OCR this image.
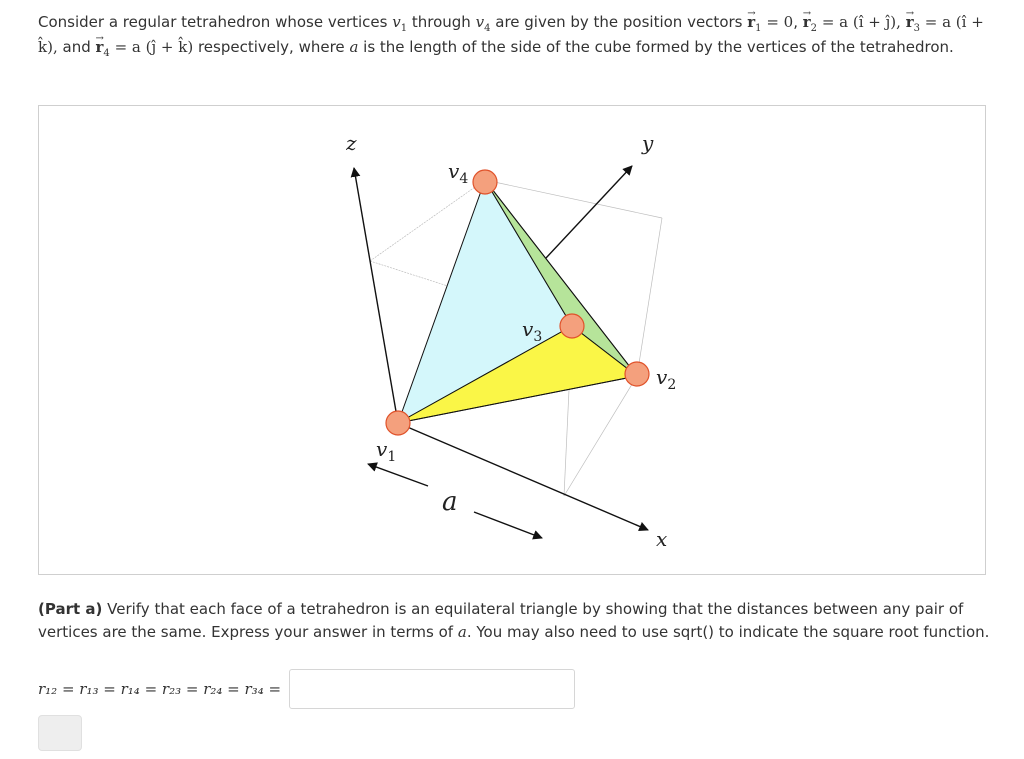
Consider a regular tetrahedron whose vertices $v_1$ through $v_4$ are given by the position vectors → $r_1 = 0$, → $r_2 = a$ (î + ĵ), → $r_3 = a$ (î + k̂), and → $r_4 = a$ (ĵ + k̂) respectively, where a is the length of the side of the cube formed by the vertices of the tetrahedron.
z	y
x
a
$v_1$
$v_4$
$v_3$
$v_2$
(Part a) Verify that each face of a tetrahedron is an equilateral triangle by showing that the distances between any pair of vertices are the same. Express your answer in terms of a. You may also need to use sqrt() to indicate the square root function.
r₁₂ = r₁₃ = r₁₄ = r₂₃ = r₂₄ = r₃₄ =
